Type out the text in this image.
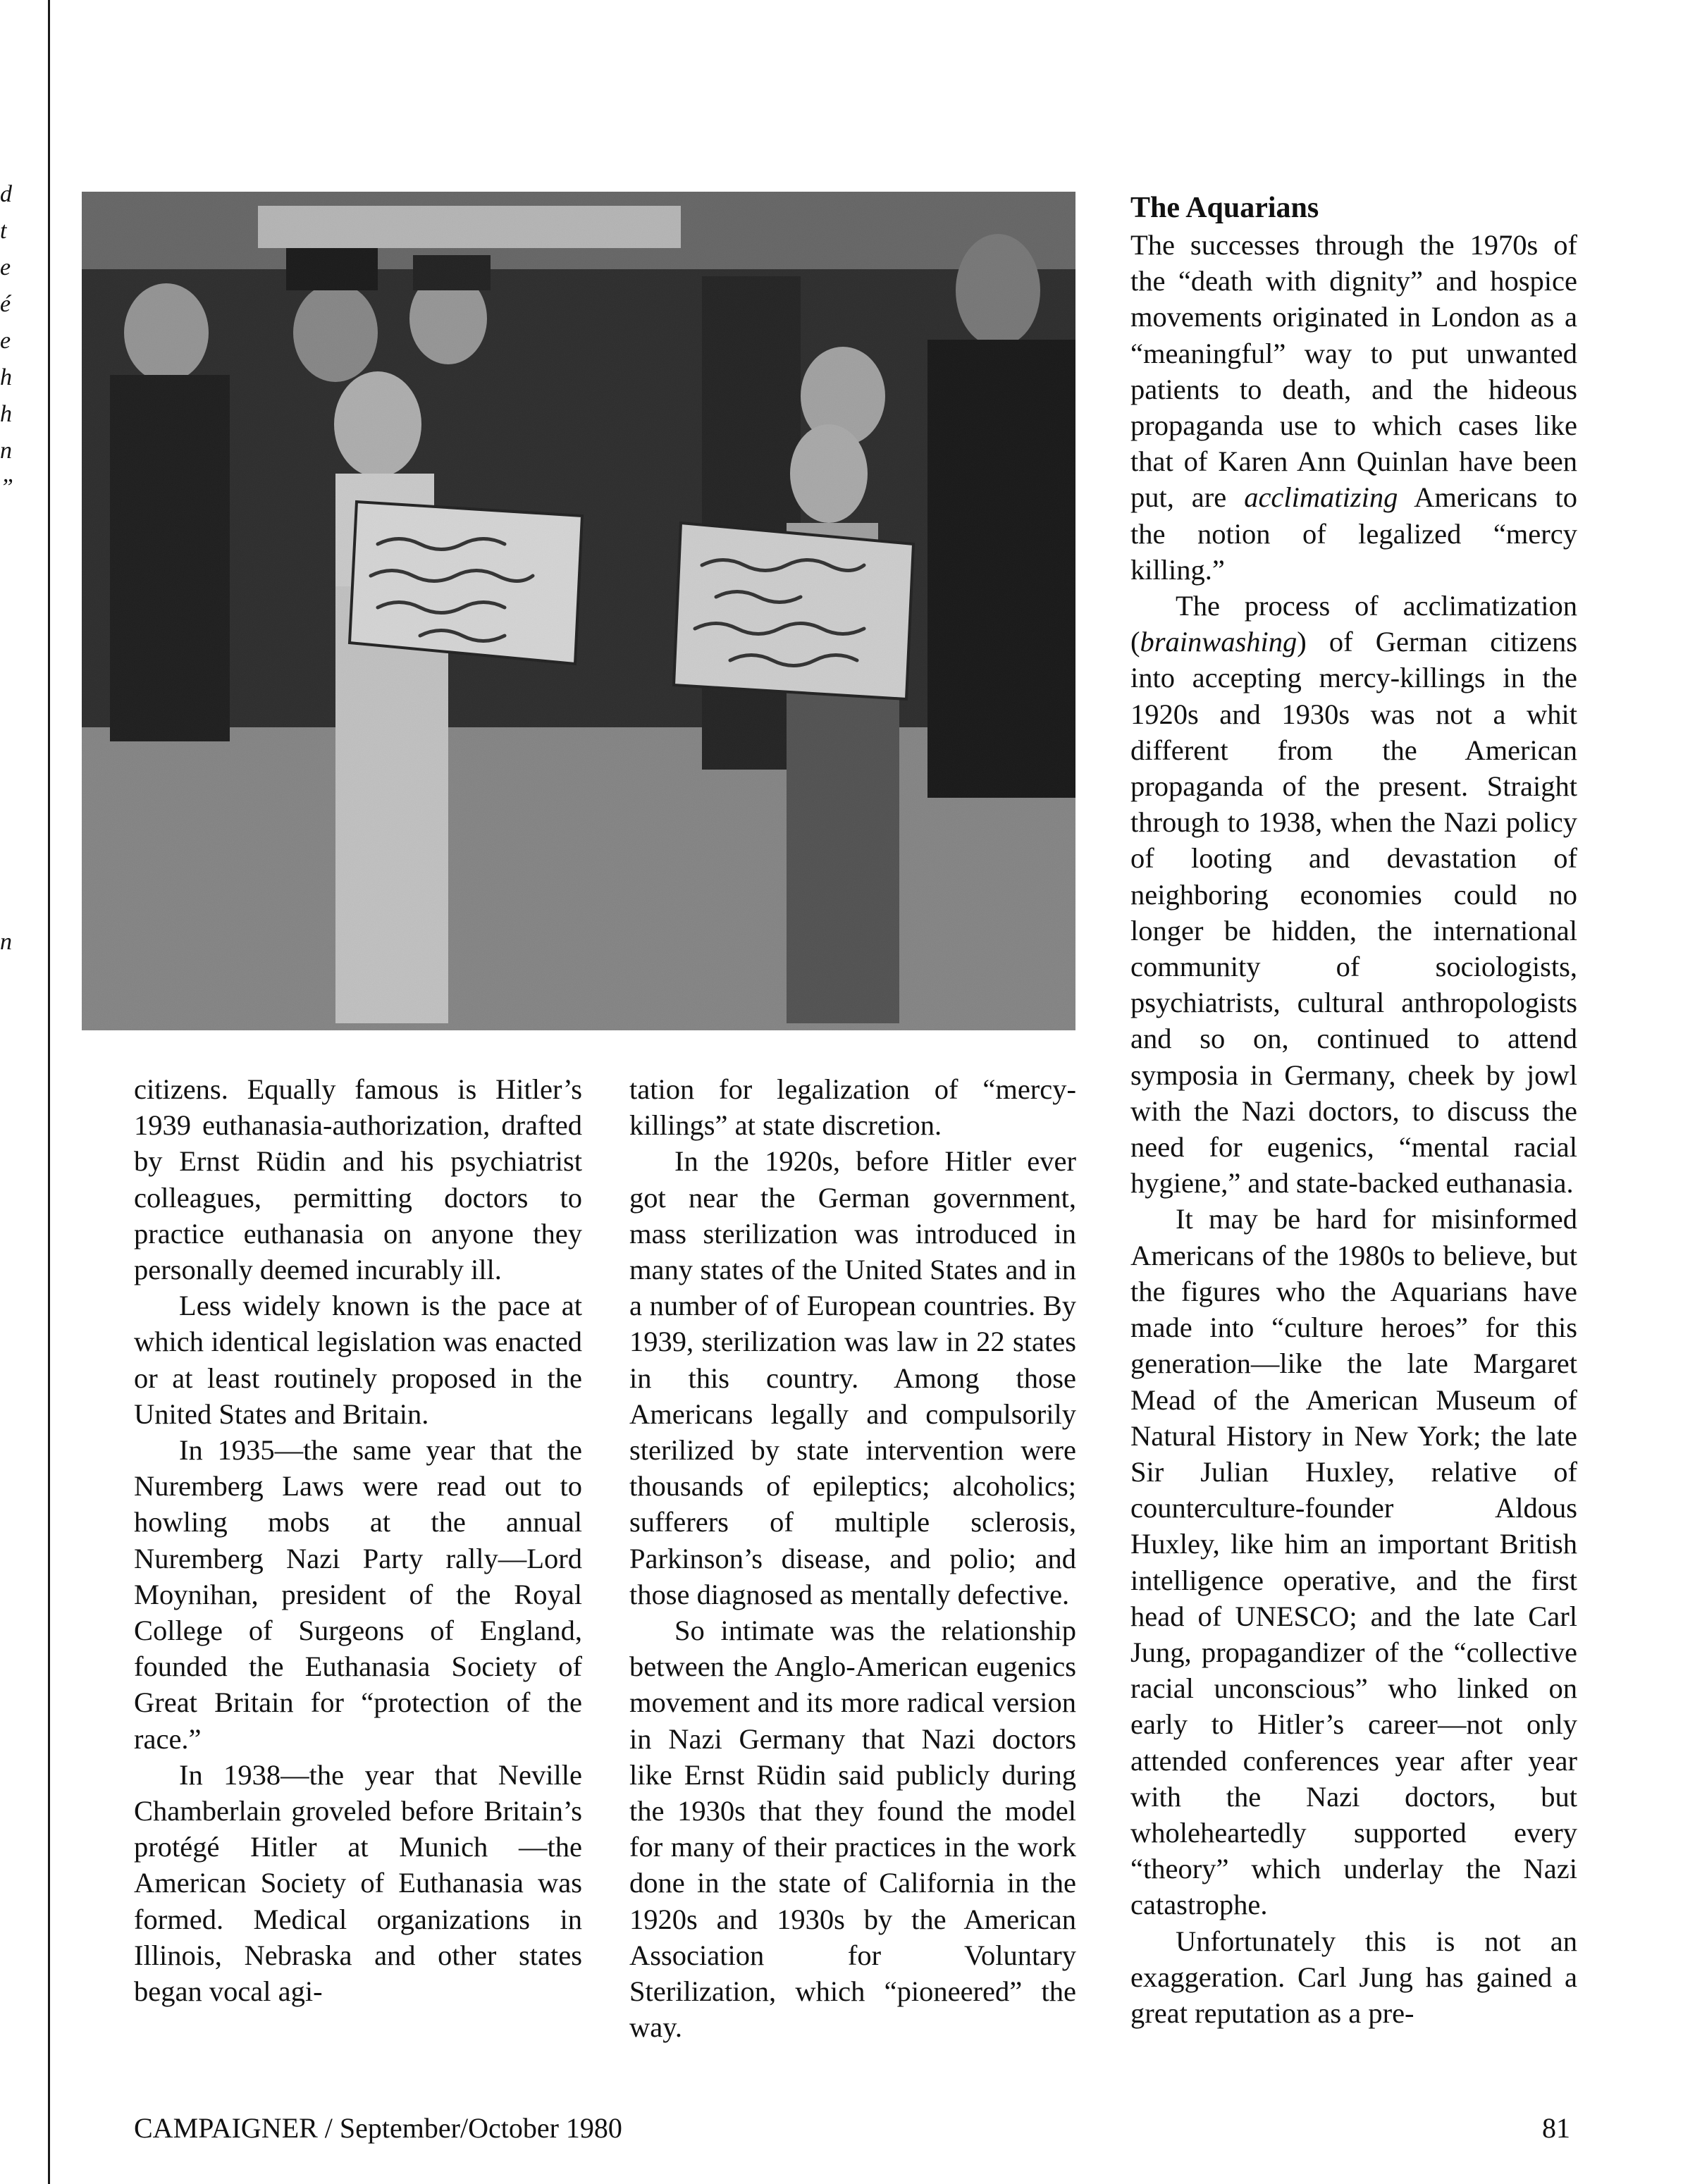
d
t
e
é
e
h
h
n
”
n

citizens. Equally famous is Hitler’s 1939 euthanasia-authorization, drafted by Ernst Rüdin and his psychiatrist colleagues, permitting doctors to practice euthanasia on anyone they personally deemed incurably ill.

Less widely known is the pace at which identical legislation was enacted or at least routinely proposed in the United States and Britain.

In 1935—the same year that the Nuremberg Laws were read out to howling mobs at the annual Nuremberg Nazi Party rally—Lord Moynihan, president of the Royal College of Surgeons of England, founded the Euthanasia Society of Great Britain for “protection of the race.”

In 1938—the year that Neville Chamberlain groveled before Britain’s protégé Hitler at Munich —the American Society of Euthanasia was formed. Medical organizations in Illinois, Nebraska and other states began vocal agi-

tation for legalization of “mercy-killings” at state discretion.

In the 1920s, before Hitler ever got near the German government, mass sterilization was introduced in many states of the United States and in a number of of European countries. By 1939, sterilization was law in 22 states in this country. Among those Americans legally and compulsorily sterilized by state intervention were thousands of epileptics; alcoholics; sufferers of multiple sclerosis, Parkinson’s disease, and polio; and those diagnosed as mentally defective.

So intimate was the relationship between the Anglo-American eugenics movement and its more radical version in Nazi Germany that Nazi doctors like Ernst Rüdin said publicly during the 1930s that they found the model for many of their practices in the work done in the state of California in the 1920s and 1930s by the American Association for Voluntary Sterilization, which “pioneered” the way.

The Aquarians

The successes through the 1970s of the “death with dignity” and hospice movements originated in London as a “meaningful” way to put unwanted patients to death, and the hideous propaganda use to which cases like that of Karen Ann Quinlan have been put, are acclimatizing Americans to the notion of legalized “mercy killing.”

The process of acclimatization (brainwashing) of German citizens into accepting mercy-killings in the 1920s and 1930s was not a whit different from the American propaganda of the present. Straight through to 1938, when the Nazi policy of looting and devastation of neighboring economies could no longer be hidden, the international community of sociologists, psychiatrists, cultural anthropologists and so on, continued to attend symposia in Germany, cheek by jowl with the Nazi doctors, to discuss the need for eugenics, “mental racial hygiene,” and state-backed euthanasia.

It may be hard for misinformed Americans of the 1980s to believe, but the figures who the Aquarians have made into “culture heroes” for this generation—like the late Margaret Mead of the American Museum of Natural History in New York; the late Sir Julian Huxley, relative of counterculture-founder Aldous Huxley, like him an important British intelligence operative, and the first head of UNESCO; and the late Carl Jung, propagandizer of the “collective racial unconscious” who linked on early to Hitler’s career—not only attended conferences year after year with the Nazi doctors, but wholeheartedly supported every “theory” which underlay the Nazi catastrophe.

Unfortunately this is not an exaggeration. Carl Jung has gained a great reputation as a pre-

CAMPAIGNER / September/October 1980	81
